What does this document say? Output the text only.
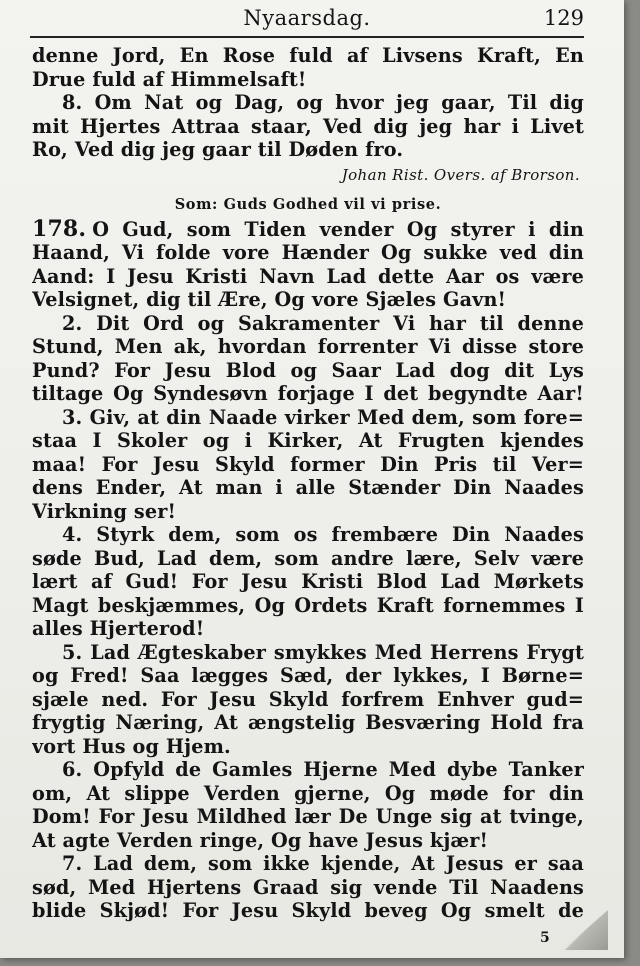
Nyaarsdag.	129
denne Jord, En Rose fuld af Livsens Kraft, En
Drue fuld af Himmelsaft!
8. Om Nat og Dag, og hvor jeg gaar, Til dig
mit Hjertes Attraa staar, Ved dig jeg har i Livet
Ro, Ved dig jeg gaar til Døden fro.
Johan Rist. Overs. af Brorson.
Som: Guds Godhed vil vi prise.
178. O Gud, som Tiden vender Og styrer i din
Haand, Vi folde vore Hænder Og sukke ved din
Aand: I Jesu Kristi Navn Lad dette Aar os være
Velsignet, dig til Ære, Og vore Sjæles Gavn!
2. Dit Ord og Sakramenter Vi har til denne
Stund, Men ak, hvordan forrenter Vi disse store
Pund? For Jesu Blod og Saar Lad dog dit Lys
tiltage Og Syndesøvn forjage I det begyndte Aar!
3. Giv, at din Naade virker Med dem, som fore=
staa I Skoler og i Kirker, At Frugten kjendes
maa! For Jesu Skyld former Din Pris til Ver=
dens Ender, At man i alle Stænder Din Naades
Virkning ser!
4. Styrk dem, som os frembære Din Naades
søde Bud, Lad dem, som andre lære, Selv være
lært af Gud! For Jesu Kristi Blod Lad Mørkets
Magt beskjæmmes, Og Ordets Kraft fornemmes I
alles Hjerterod!
5. Lad Ægteskaber smykkes Med Herrens Frygt
og Fred! Saa lægges Sæd, der lykkes, I Børne=
sjæle ned. For Jesu Skyld forfrem Enhver gud=
frygtig Næring, At ængstelig Besværing Hold fra
vort Hus og Hjem.
6. Opfyld de Gamles Hjerne Med dybe Tanker
om, At slippe Verden gjerne, Og møde for din
Dom! For Jesu Mildhed lær De Unge sig at tvinge,
At agte Verden ringe, Og have Jesus kjær!
7. Lad dem, som ikke kjende, At Jesus er saa
sød, Med Hjertens Graad sig vende Til Naadens
blide Skjød! For Jesu Skyld beveg Og smelt de
5
